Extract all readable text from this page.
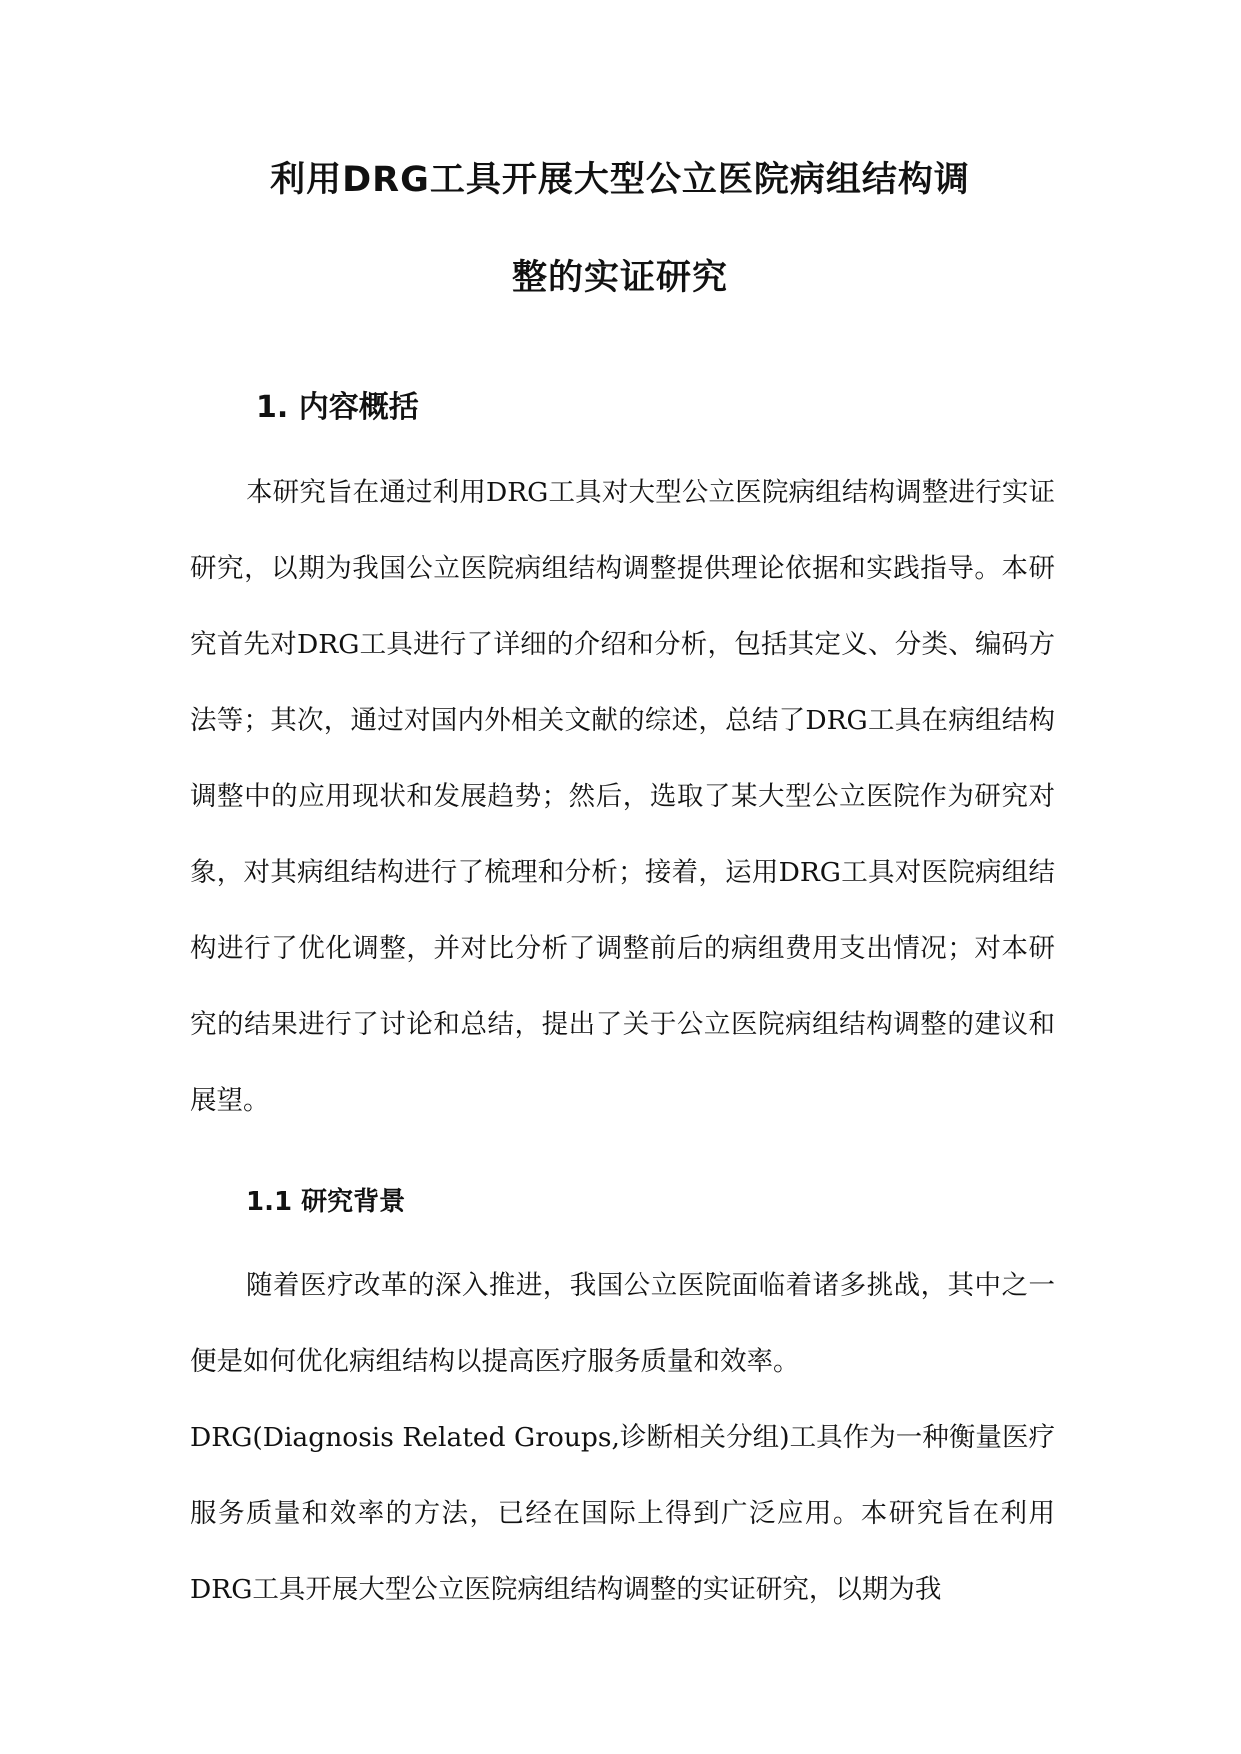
利用DRG工具开展大型公立医院病组结构调
整的实证研究
1. 内容概括

本研究旨在通过利用DRG工具对大型公立医院病组结构调整进行实证研究，以期为我国公立医院病组结构调整提供理论依据和实践指导。本研究首先对DRG工具进行了详细的介绍和分析，包括其定义、分类、编码方法等；其次，通过对国内外相关文献的综述，总结了DRG工具在病组结构调整中的应用现状和发展趋势；然后，选取了某大型公立医院作为研究对象，对其病组结构进行了梳理和分析；接着，运用DRG工具对医院病组结构进行了优化调整，并对比分析了调整前后的病组费用支出情况；对本研究的结果进行了讨论和总结，提出了关于公立医院病组结构调整的建议和展望。

1.1 研究背景

随着医疗改革的深入推进，我国公立医院面临着诸多挑战，其中之一便是如何优化病组结构以提高医疗服务质量和效率。

DRG(Diagnosis Related Groups,诊断相关分组)工具作为一种衡量医疗服务质量和效率的方法，已经在国际上得到广泛应用。本研究旨在利用DRG工具开展大型公立医院病组结构调整的实证研究，以期为我
